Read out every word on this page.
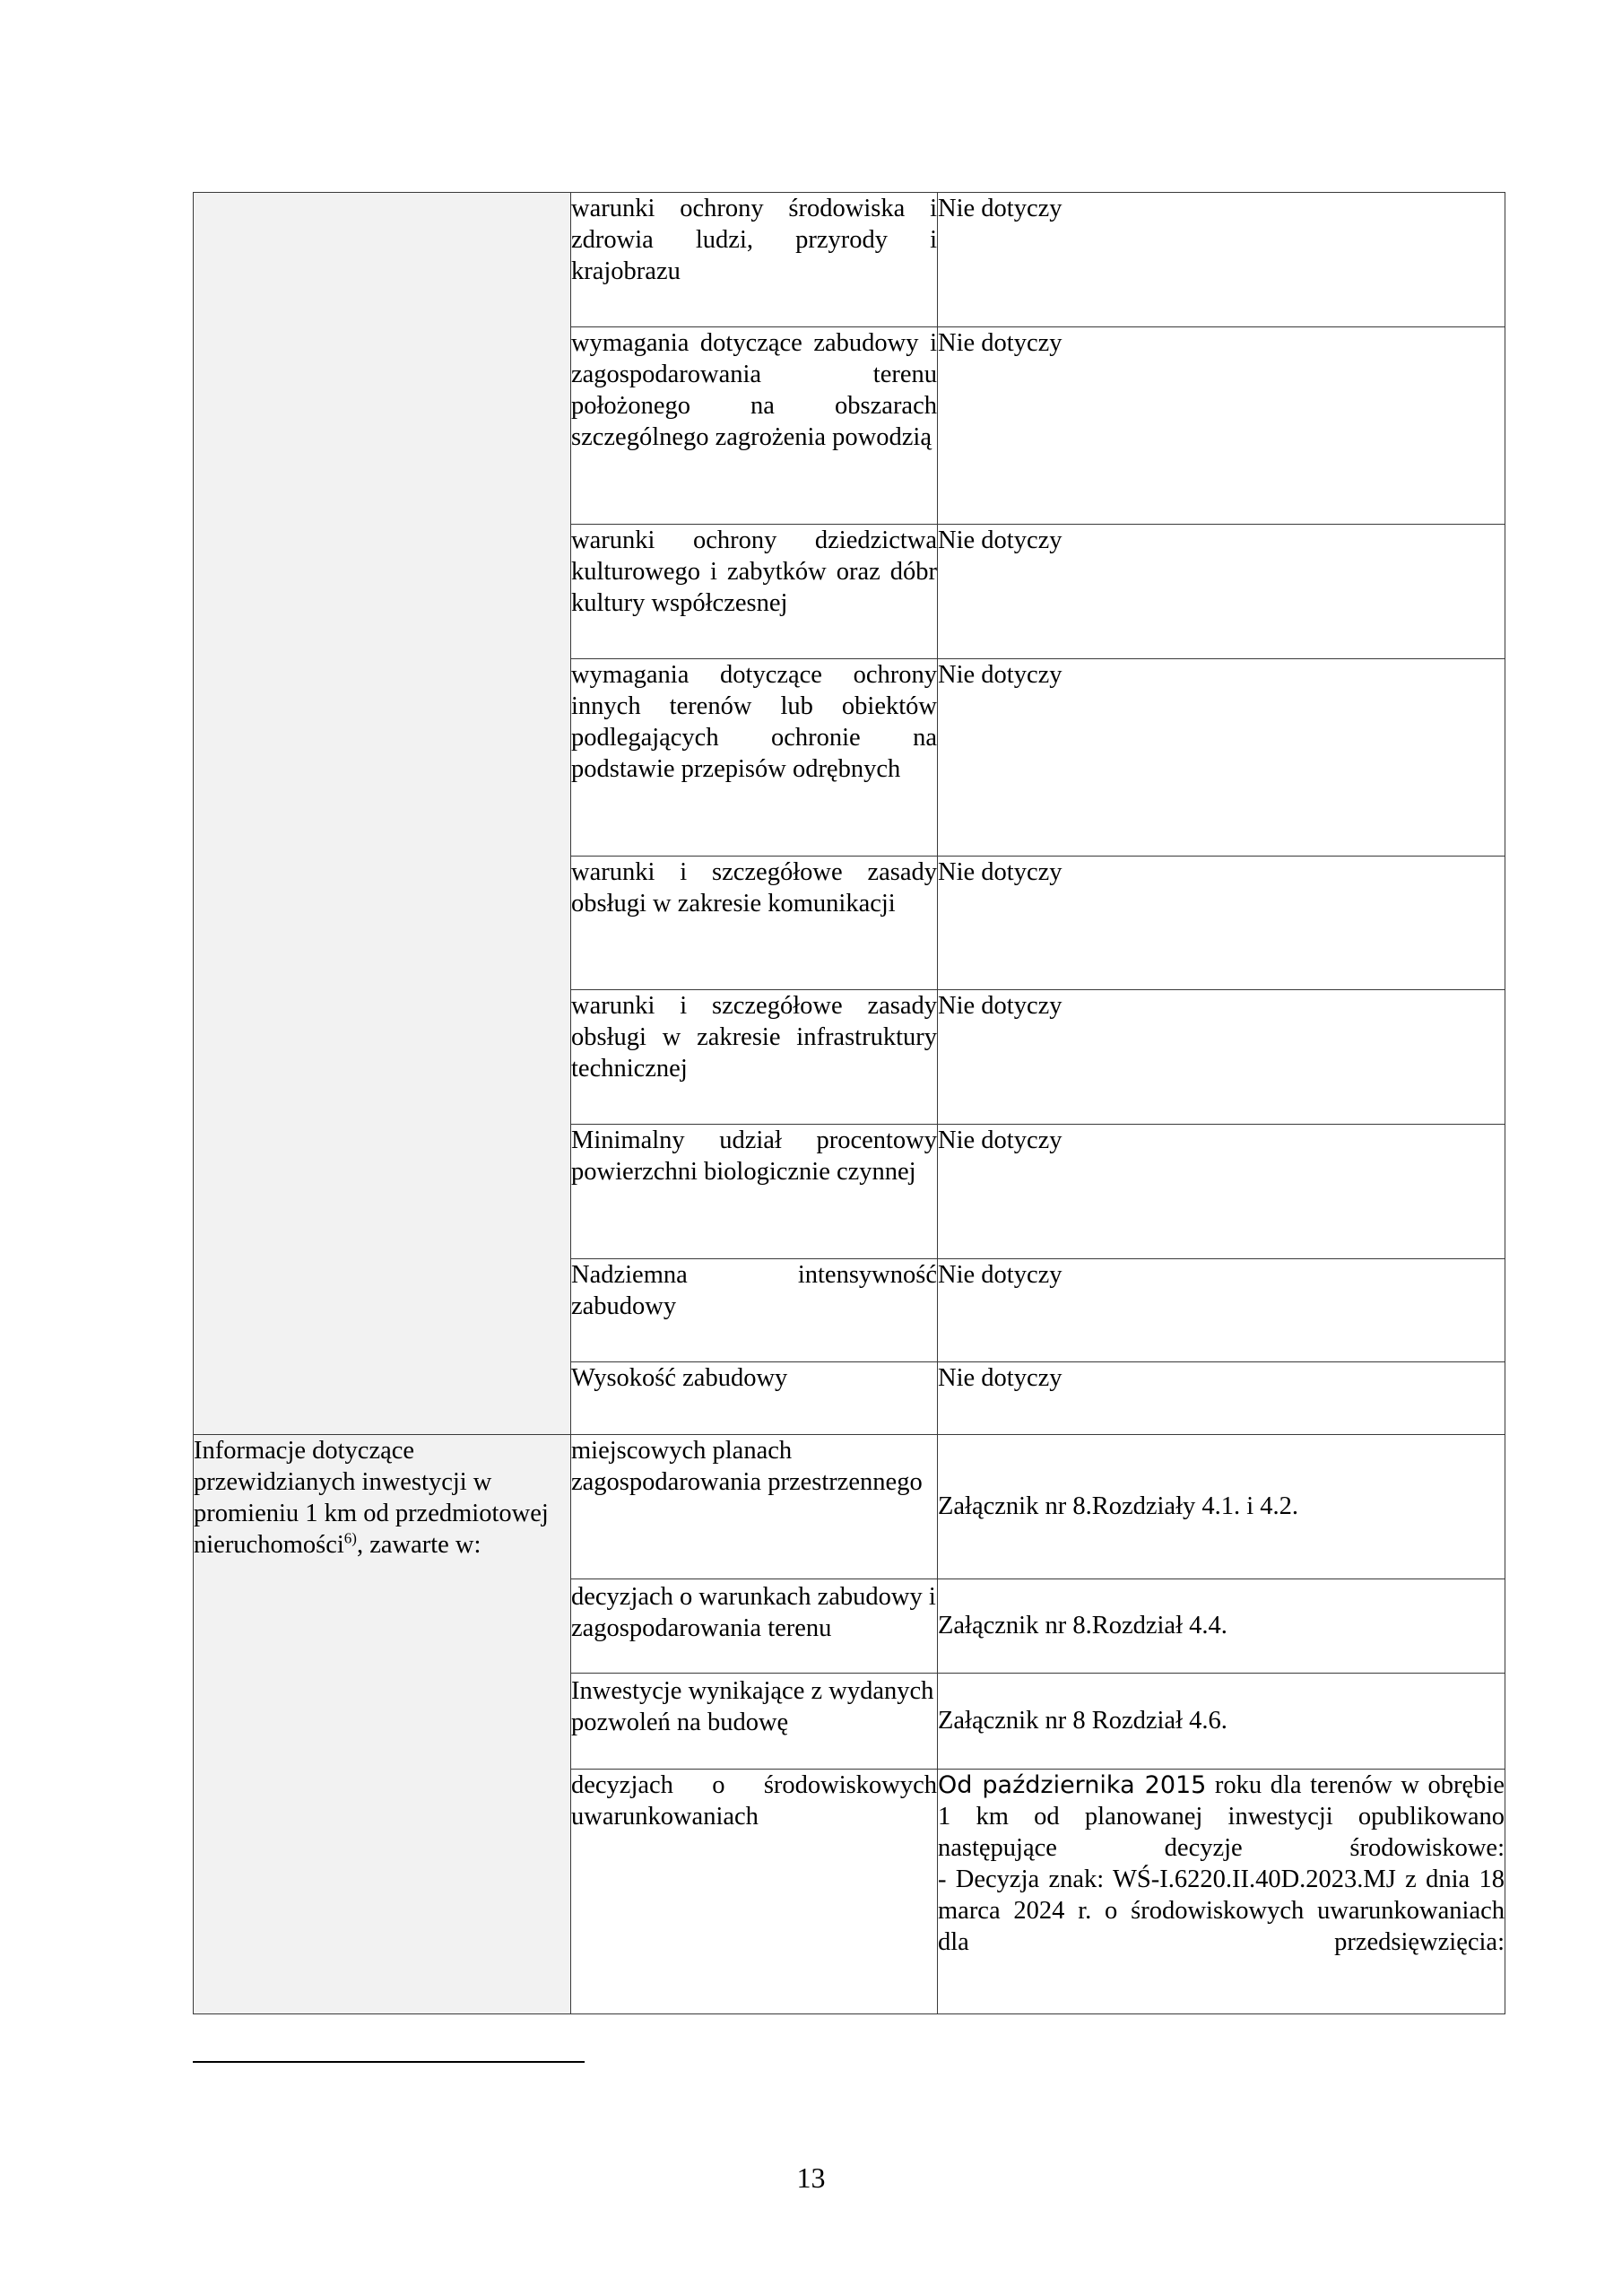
	warunki ochrony środowiska i zdrowia ludzi, przyrody i krajobrazu	Nie dotyczy
	wymagania dotyczące zabudowy i zagospodarowania terenu położonego na obszarach szczególnego zagrożenia powodzią	Nie dotyczy
	warunki ochrony dziedzictwa kulturowego i zabytków oraz dóbr kultury współczesnej	Nie dotyczy
	wymagania dotyczące ochrony innych terenów lub obiektów podlegających ochronie na podstawie przepisów odrębnych	Nie dotyczy
	warunki i szczegółowe zasady obsługi w zakresie komunikacji	Nie dotyczy
	warunki i szczegółowe zasady obsługi w zakresie infrastruktury technicznej	Nie dotyczy
	Minimalny udział procentowy powierzchni biologicznie czynnej	Nie dotyczy
	Nadziemna intensywność zabudowy	Nie dotyczy
	Wysokość zabudowy	Nie dotyczy
Informacje dotyczące przewidzianych inwestycji w promieniu 1 km od przedmiotowej nieruchomości$^{6)}$, zawarte w:	miejscowych planach zagospodarowania przestrzennego	Załącznik nr 8.Rozdziały 4.1. i 4.2.
	decyzjach o warunkach zabudowy i zagospodarowania terenu	Załącznik nr 8.Rozdział 4.4.
	Inwestycje wynikające z wydanych pozwoleń na budowę	Załącznik nr 8 Rozdział 4.6.
	decyzjach o środowiskowych uwarunkowaniach	Od października 2015 roku dla terenów w obrębie 1 km od planowanej inwestycji opublikowano następujące decyzje środowiskowe:
- Decyzja znak: WŚ-I.6220.II.40D.2023.MJ z dnia 18 marca 2024 r. o środowiskowych uwarunkowaniach dla przedsięwzięcia:
13
